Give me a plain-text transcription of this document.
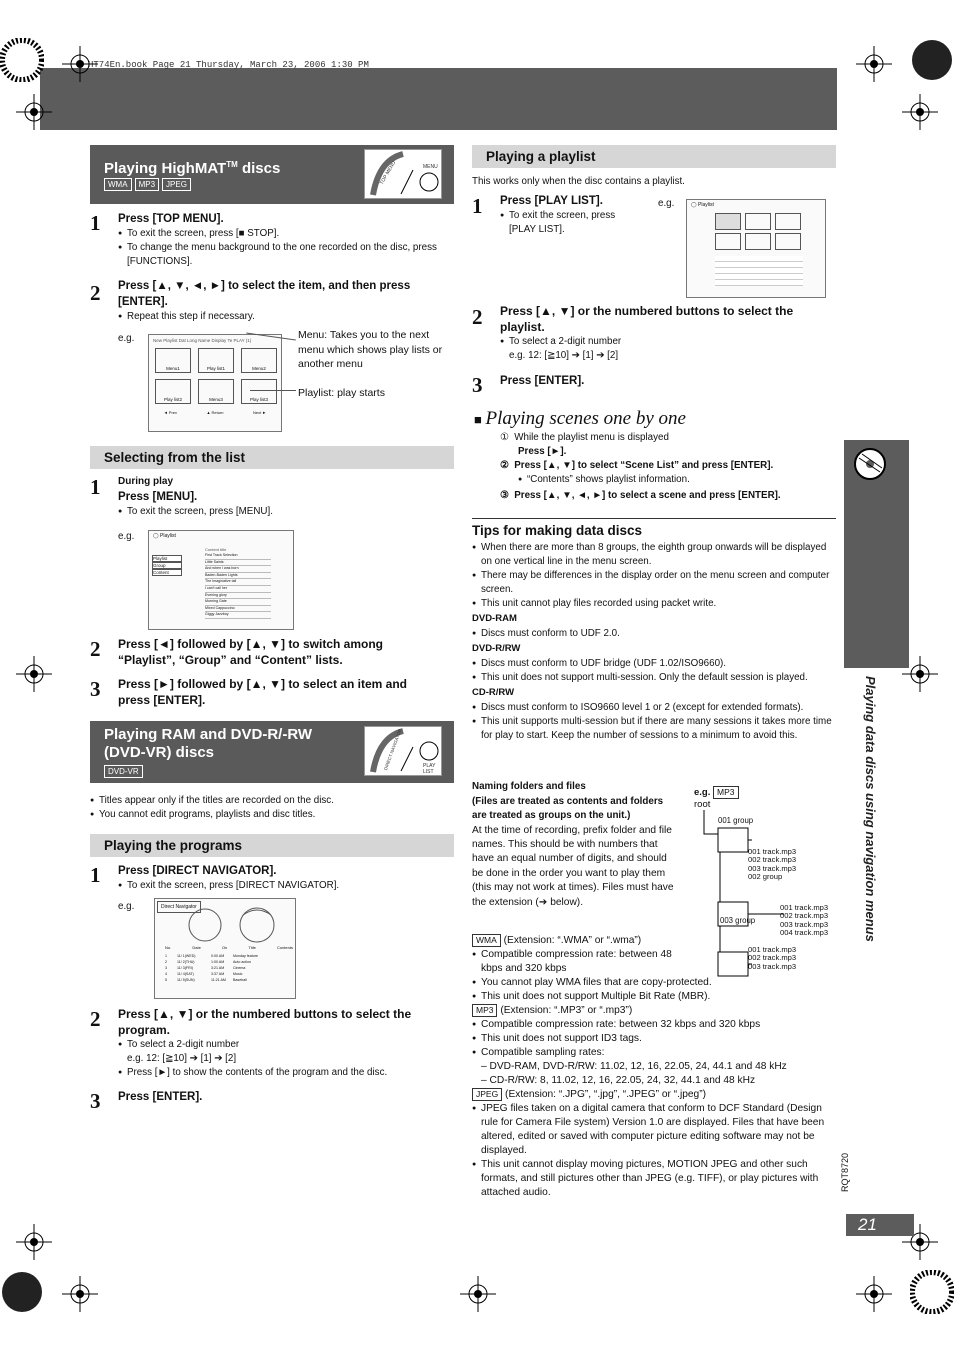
HT74En.book Page 21 Thursday, March 23, 2006 1:30 PM
Playing HighMAT™ discs
WMA MP3 JPEG	TOP MENU	MENU
1 Press [TOP MENU].
● To exit the screen, press [■ STOP].
● To change the menu background to the one recorded on the disc, press [FUNCTIONS].
2 Press [▲, ▼, ◄, ►] to select the item, and then press [ENTER].
● Repeat this step if necessary.
e.g.	New Playlist Dat Long Name Display Te PLAY (1)
Menu1	Play list1	Menu2
Play list2	Menu3	Play list3
◄ Prev	▲ Return	Next ►
Menu: Takes you to the next menu which shows play lists or another menu
Playlist: play starts
Selecting from the list
1 During play
Press [MENU].
● To exit the screen, press [MENU].
e.g.	◯ Playlist
Playlist
Group
Content
Content title
First Track Selection
Little Saints
And when I was born
Baden-Baden Lights
The Imaginative tail
I can't call her
Evening glory
Morning Gate
Mixed Cappuccino
Giggy Jazzboy
2 Press [◄] followed by [▲, ▼] to switch among “Playlist”, “Group” and “Content” lists.
3 Press [►] followed by [▲, ▼] to select an item and press [ENTER].
Playing RAM and DVD-R/-RW
(DVD-VR) discs
DVD-VR
DIRECT NAVIGATOR	PLAY LIST
● Titles appear only if the titles are recorded on the disc.
● You cannot edit programs, playlists and disc titles.
Playing the programs
1 Press [DIRECT NAVIGATOR].
● To exit the screen, press [DIRECT NAVIGATOR].
e.g.	Direct Navigator
No.	Date	On	Title	Contents
1	11/ 1(WED)	0:00 AM	Monday feature
2	11/ 2(THU)	1:00 AM	Auto action
3	11/ 3(FRI)	3:21 AM	Cinema
4	11/ 4(SAT)	3:37 AM	Music
5	11/ 5(SUN)	11:21 AM	Baseball
2 Press [▲, ▼] or the numbered buttons to select the program.
● To select a 2-digit number
e.g. 12: [≧10] ➔ [1] ➔ [2]
● Press [►] to show the contents of the program and the disc.
3 Press [ENTER].
Playing a playlist
This works only when the disc contains a playlist.
1 Press [PLAY LIST].
● To exit the screen, press [PLAY LIST].
e.g.	◯ Playlist
2 Press [▲, ▼] or the numbered buttons to select the playlist.
● To select a 2-digit number
e.g. 12: [≧10] ➔ [1] ➔ [2]
3 Press [ENTER].
■ Playing scenes one by one
① While the playlist menu is displayed
Press [►].
② Press [▲, ▼] to select “Scene List” and press [ENTER].
● “Contents” shows playlist information.
③ Press [▲, ▼, ◄, ►] to select a scene and press [ENTER].
Tips for making data discs
● When there are more than 8 groups, the eighth group onwards will be displayed on one vertical line in the menu screen.
● There may be differences in the display order on the menu screen and computer screen.
● This unit cannot play files recorded using packet write.
DVD-RAM
● Discs must conform to UDF 2.0.
DVD-R/RW
● Discs must conform to UDF bridge (UDF 1.02/ISO9660).
● This unit does not support multi-session. Only the default session is played.
CD-R/RW
● Discs must conform to ISO9660 level 1 or 2 (except for extended formats).
● This unit supports multi-session but if there are many sessions it takes more time for play to start. Keep the number of sessions to a minimum to avoid this.
Naming folders and files
(Files are treated as contents and folders are treated as groups on the unit.)
At the time of recording, prefix folder and file names. This should be with numbers that have an equal number of digits, and should be done in the order you want to play them (this may not work at times). Files must have the extension (➔ below).
e.g. MP3
root
001 group
001 track.mp3
002 track.mp3
003 track.mp3
002 group
001 track.mp3
002 track.mp3
003 track.mp3
004 track.mp3
003 group
001 track.mp3
002 track.mp3
003 track.mp3
WMA (Extension: “.WMA” or “.wma”)
● Compatible compression rate: between 48 kbps and 320 kbps
● You cannot play WMA files that are copy-protected.
● This unit does not support Multiple Bit Rate (MBR).
MP3 (Extension: “.MP3” or “.mp3”)
● Compatible compression rate: between 32 kbps and 320 kbps
● This unit does not support ID3 tags.
● Compatible sampling rates:
– DVD-RAM, DVD-R/RW: 11.02, 12, 16, 22.05, 24, 44.1 and 48 kHz
– CD-R/RW: 8, 11.02, 12, 16, 22.05, 24, 32, 44.1 and 48 kHz
JPEG (Extension: “.JPG”, “.jpg”, “.JPEG” or “.jpeg”)
● JPEG files taken on a digital camera that conform to DCF Standard (Design rule for Camera File system) Version 1.0 are displayed. Files that have been altered, edited or saved with computer picture editing software may not be displayed.
● This unit cannot display moving pictures, MOTION JPEG and other such formats, and still pictures other than JPEG (e.g. TIFF), or play pictures with attached audio.
Playing data discs using navigation menus
RQT8720
21
